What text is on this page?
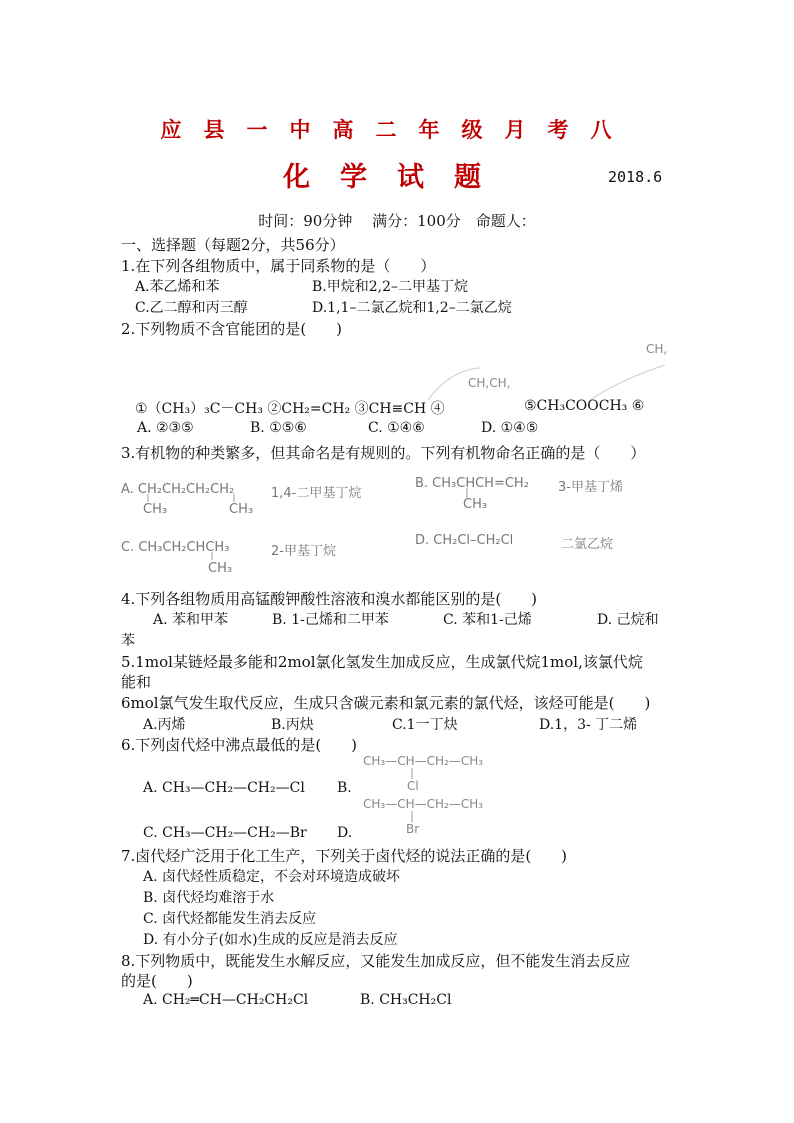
应县一中高二年级月考八
化学试题	2018.6
时间：90分钟　 满分：100分　命题人：
一、选择题（每题2分，共56分）
1.在下列各组物质中，属于同系物的是（　　）
A.苯乙烯和苯	B.甲烷和2,2–二甲基丁烷
C.乙二醇和丙三醇	D.1,1–二氯乙烷和1,2–二氯乙烷
2.下列物质不含官能团的是(　　)
CH,
CH,CH,
①（CH₃）₃C－CH₃ ②CH₂=CH₂ ③CH≡CH ④	⑤CH₃COOCH₃ ⑥
A. ②③⑤	B. ①⑤⑥	C. ①④⑥	D. ①④⑤
3.有机物的种类繁多，但其命名是有规则的。下列有机物命名正确的是（　　）
A. CH₂CH₂CH₂CH₂	1,4-二甲基丁烷
CH₃	CH₃
B. CH₃CHCH=CH₂ 3-甲基丁烯
CH₃
C. CH₃CH₂CHCH₃	2-甲基丁烷
CH₃
D. CH₂Cl–CH₂Cl	二氯乙烷
4.下列各组物质用高锰酸钾酸性溶液和溴水都能区别的是(　　)
A. 苯和甲苯	B. 1-己烯和二甲苯	C. 苯和1-己烯	D. 己烷和
苯
5.1mol某链烃最多能和2mol氯化氢发生加成反应，生成氯代烷1mol,该氯代烷
能和
6mol氯气发生取代反应，生成只含碳元素和氯元素的氯代烃，该烃可能是(　　)
A.丙烯	B.丙炔	C.1一丁炔	D.1，3- 丁二烯
6.下列卤代烃中沸点最低的是(　　)
CH₃—CH—CH₂—CH₃
Cl
CH₃—CH—CH₂—CH₃
Br
A. CH₃—CH₂—CH₂—Cl B.
C. CH₃—CH₂—CH₂—Br D.
7.卤代烃广泛用于化工生产，下列关于卤代烃的说法正确的是(　　)
A. 卤代烃性质稳定，不会对环境造成破坏
B. 卤代烃均难溶于水
C. 卤代烃都能发生消去反应
D. 有小分子(如水)生成的反应是消去反应
8.下列物质中，既能发生水解反应，又能发生加成反应，但不能发生消去反应
的是(　　)
A. CH₂═CH—CH₂CH₂Cl	B. CH₃CH₂Cl
